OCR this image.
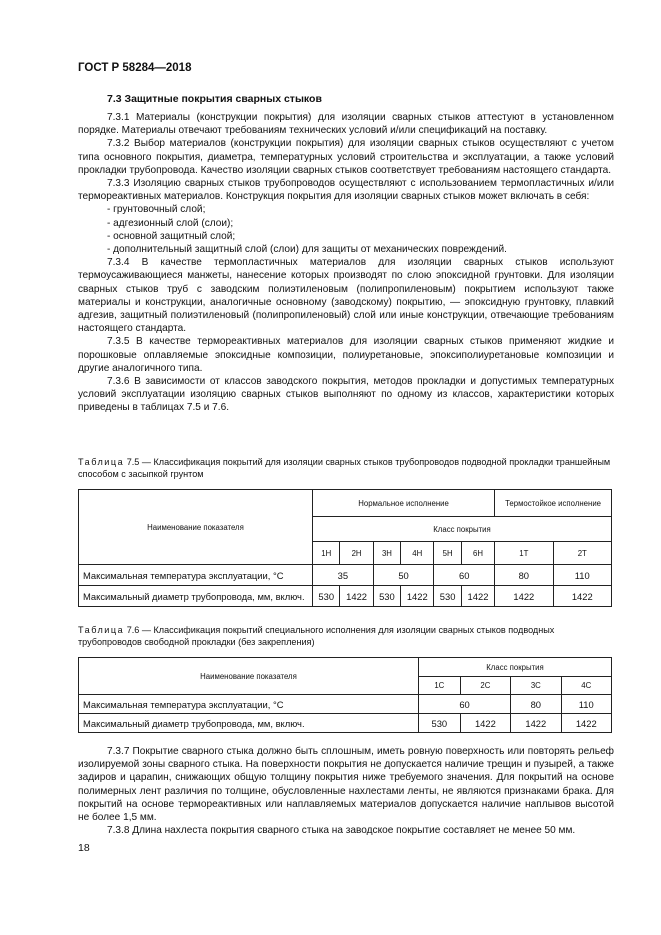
ГОСТ Р 58284—2018
7.3 Защитные покрытия сварных стыков

7.3.1 Материалы (конструкции покрытия) для изоляции сварных стыков аттестуют в установленном порядке. Материалы отвечают требованиям технических условий и/или спецификаций на поставку.

7.3.2 Выбор материалов (конструкции покрытия) для изоляции сварных стыков осуществляют с учетом типа основного покрытия, диаметра, температурных условий строительства и эксплуатации, а также условий прокладки трубопровода. Качество изоляции сварных стыков соответствует требованиям настоящего стандарта.

7.3.3 Изоляцию сварных стыков трубопроводов осуществляют с использованием термопластичных и/или термореактивных материалов. Конструкция покрытия для изоляции сварных стыков может включать в себя:

- грунтовочный слой;

- адгезионный слой (слои);

- основной защитный слой;

- дополнительный защитный слой (слои) для защиты от механических повреждений.

7.3.4 В качестве термопластичных материалов для изоляции сварных стыков используют термоусаживающиеся манжеты, нанесение которых производят по слою эпоксидной грунтовки. Для изоляции сварных стыков труб с заводским полиэтиленовым (полипропиленовым) покрытием используют также материалы и конструкции, аналогичные основному (заводскому) покрытию, — эпоксидную грунтовку, плавкий адгезив, защитный полиэтиленовый (полипропиленовый) слой или иные конструкции, отвечающие требованиям настоящего стандарта.

7.3.5 В качестве термореактивных материалов для изоляции сварных стыков применяют жидкие и порошковые оплавляемые эпоксидные композиции, полиуретановые, эпоксиполиуретановые композиции и другие аналогичного типа.

7.3.6 В зависимости от классов заводского покрытия, методов прокладки и допустимых температурных условий эксплуатации изоляцию сварных стыков выполняют по одному из классов, характеристики которых приведены в таблицах 7.5 и 7.6.

Таблица 7.5 — Классификация покрытий для изоляции сварных стыков трубопроводов подводной прокладки траншейным способом с засыпкой грунтом
Наименование показателя	Нормальное исполнение						Термостойкое исполнение	
	Класс покрытия							
	1Н	2Н	3Н	4Н	5Н	6Н	1Т	2Т
Максимальная температура эксплуатации, °С	35		50		60		80	110
Максимальный диаметр трубопровода, мм, включ.	530	1422	530	1422	530	1422	1422	1422
Таблица 7.6 — Классификация покрытий специального исполнения для изоляции сварных стыков подводных трубопроводов свободной прокладки (без закрепления)
Наименование показателя	Класс покрытия			
	1С	2С	3С	4С
Максимальная температура эксплуатации, °С	60		80	110
Максимальный диаметр трубопровода, мм, включ.	530	1422	1422	1422

7.3.7 Покрытие сварного стыка должно быть сплошным, иметь ровную поверхность или повторять рельеф изолируемой зоны сварного стыка. На поверхности покрытия не допускается наличие трещин и пузырей, а также задиров и царапин, снижающих общую толщину покрытия ниже требуемого значения. Для покрытий на основе полимерных лент различия по толщине, обусловленные нахлестами ленты, не являются признаками брака. Для покрытий на основе термореактивных или наплавляемых материалов допускается наличие наплывов высотой не более 1,5 мм.

7.3.8 Длина нахлеста покрытия сварного стыка на заводское покрытие составляет не менее 50 мм.

18
